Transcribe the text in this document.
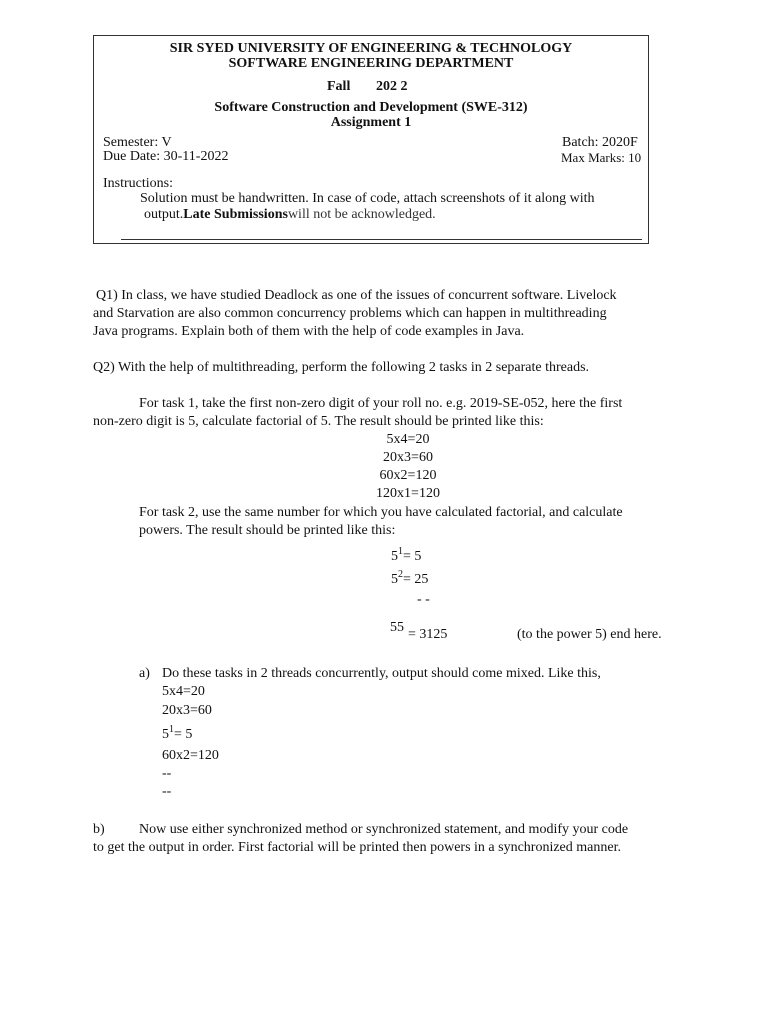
SIR SYED UNIVERSITY OF ENGINEERING & TECHNOLOGY
SOFTWARE ENGINEERING DEPARTMENT
Fall 202 2
Software Construction and Development (SWE-312)
Assignment 1
Semester: V	Batch: 2020F
Due Date: 30-11-2022	Max Marks: 10
Instructions:
Solution must be handwritten. In case of code, attach screenshots of it along with
output.Late Submissionswill not be acknowledged.
Q1) In class, we have studied Deadlock as one of the issues of concurrent software. Livelock
and Starvation are also common concurrency problems which can happen in multithreading
Java programs. Explain both of them with the help of code examples in Java.
Q2) With the help of multithreading, perform the following 2 tasks in 2 separate threads.
For task 1, take the first non-zero digit of your roll no. e.g. 2019-SE-052, here the first
non-zero digit is 5, calculate factorial of 5. The result should be printed like this:
5x4=20
20x3=60
60x2=120
120x1=120
For task 2, use the same number for which you have calculated factorial, and calculate
powers. The result should be printed like this:
$5^1= 5$
$5^2= 25$
- -
55 = 3125	(to the power 5) end here.
a) Do these tasks in 2 threads concurrently, output should come mixed. Like this,
5x4=20
20x3=60
$5^1= 5$
60x2=120
--
--
b) Now use either synchronized method or synchronized statement, and modify your code
to get the output in order. First factorial will be printed then powers in a synchronized manner.
